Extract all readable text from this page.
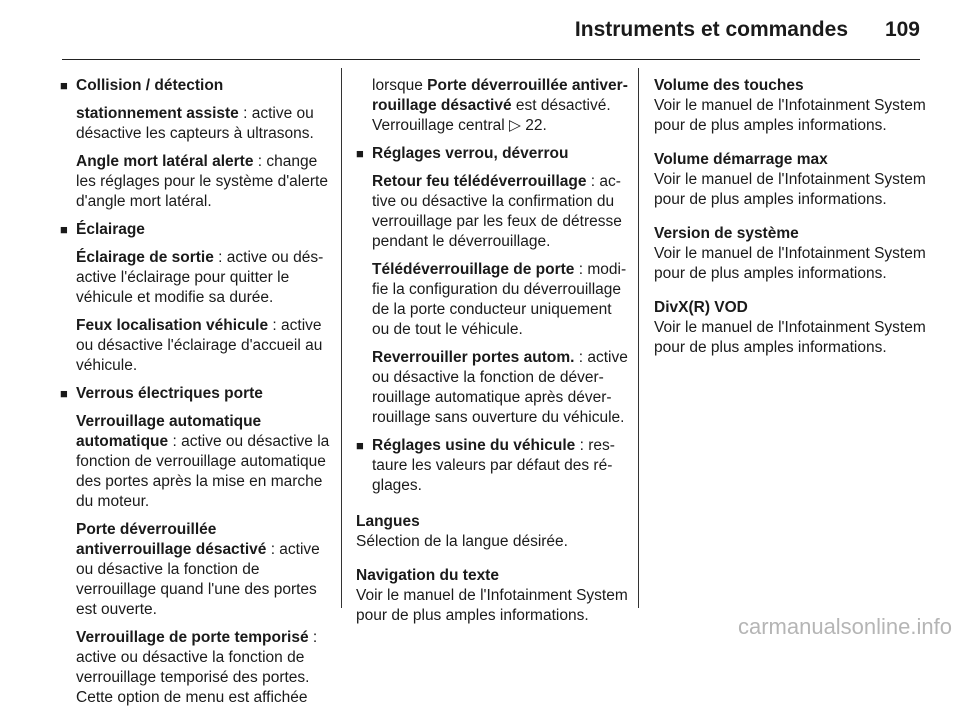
Instruments et commandes 109
■ Collision / détection

stationnement assiste : active ou désactive les capteurs à ultrasons.

Angle mort latéral alerte : change les réglages pour le système d'alerte d'angle mort latéral.

■ Éclairage

Éclairage de sortie : active ou désactive l'éclairage pour quitter le véhicule et modifie sa durée.

Feux localisation véhicule : active ou désactive l'éclairage d'accueil au véhicule.

■ Verrous électriques porte

Verrouillage automatique
automatique : active ou désactive la fonction de verrouillage automatique des portes après la mise en marche du moteur.

Porte déverrouillée antiverrouillage désactivé : active ou désactive la fonction de verrouillage quand l'une des portes est ouverte.

Verrouillage de porte temporisé : active ou désactive la fonction de verrouillage temporisé des portes. Cette option de menu est affichée

lorsque Porte déverrouillée antiverrouillage désactivé est désactivé. Verrouillage central ▷ 22.

■ Réglages verrou, déverrou

Retour feu télédéverrouillage : active ou désactive la confirmation du verrouillage par les feux de détresse pendant le déverrouillage.

Télédéverrouillage de porte : modifie la configuration du déverrouillage de la porte conducteur uniquement ou de tout le véhicule.

Reverrouiller portes autom. : active ou désactive la fonction de déverrouillage automatique après déverrouillage sans ouverture du véhicule.

■ Réglages usine du véhicule : restaure les valeurs par défaut des réglages.
Langues
Sélection de la langue désirée.
Navigation du texte
Voir le manuel de l'Infotainment System pour de plus amples informations.
Volume des touches
Voir le manuel de l'Infotainment System pour de plus amples informations.
Volume démarrage max
Voir le manuel de l'Infotainment System pour de plus amples informations.
Version de système
Voir le manuel de l'Infotainment System pour de plus amples informations.
DivX(R) VOD
Voir le manuel de l'Infotainment System pour de plus amples informations.
carmanualsonline.info
